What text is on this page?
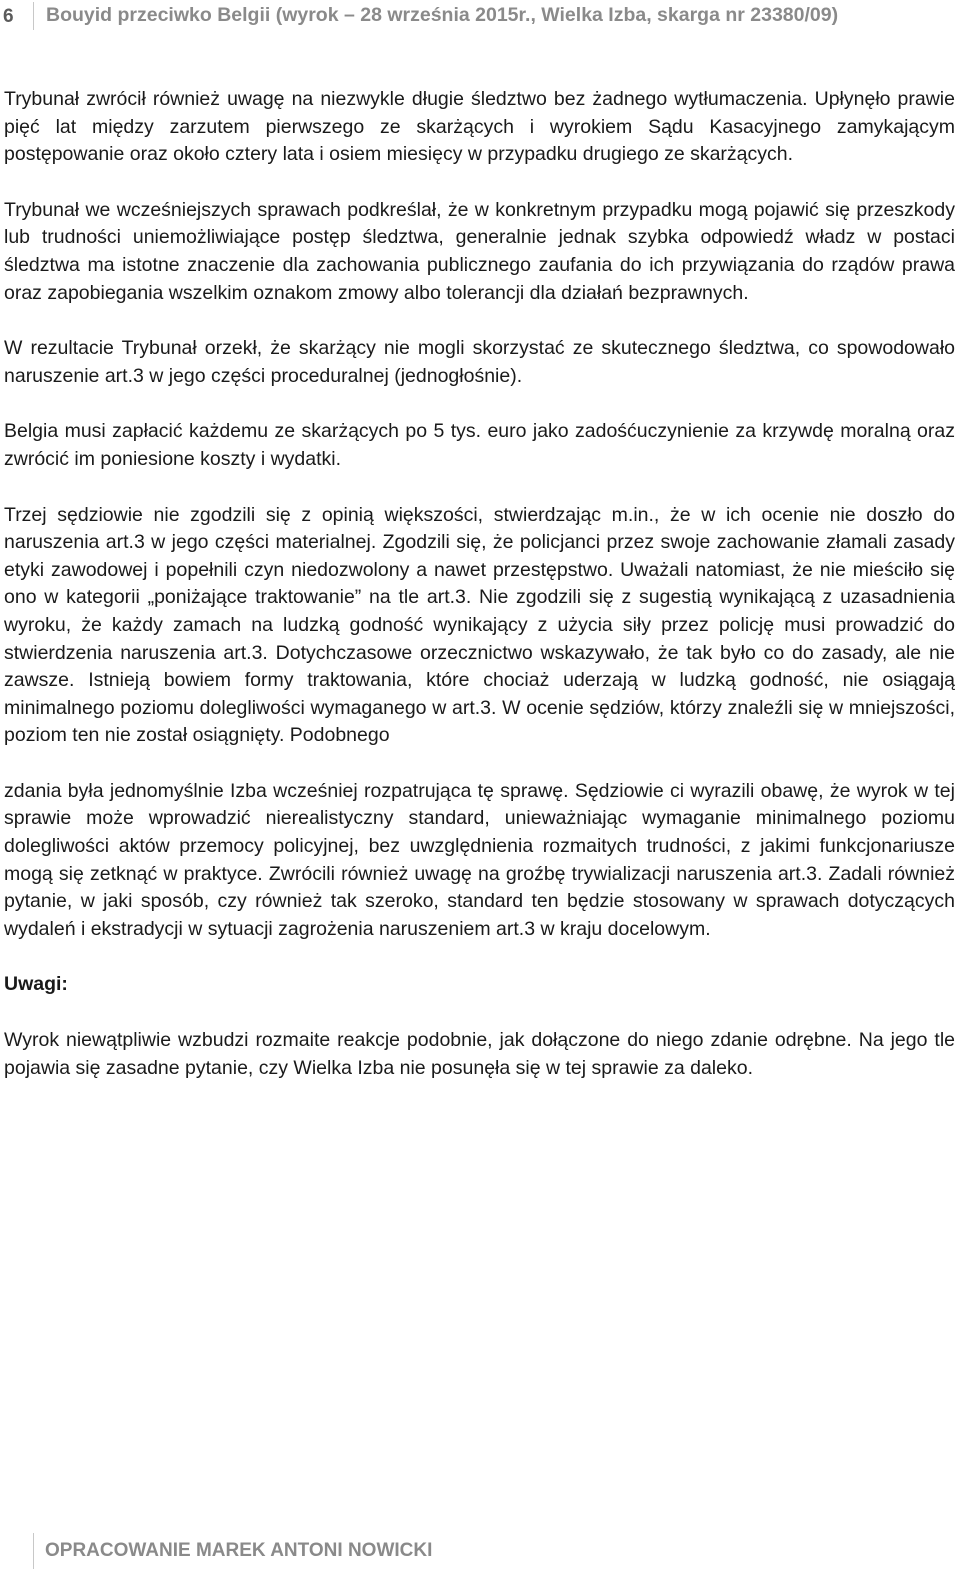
6 Bouyid przeciwko Belgii (wyrok – 28 września 2015r., Wielka Izba, skarga nr 23380/09)

Trybunał zwrócił również uwagę na niezwykle długie śledztwo bez żadnego wytłumaczenia. Upłynęło prawie pięć lat między zarzutem pierwszego ze skarżących i wyrokiem Sądu Kasacyjnego zamykającym postępowanie oraz około cztery lata i osiem miesięcy w przypadku drugiego ze skarżących.

Trybunał we wcześniejszych sprawach podkreślał, że w konkretnym przypadku mogą pojawić się przeszkody lub trudności uniemożliwiające postęp śledztwa, generalnie jednak szybka odpowiedź władz w postaci śledztwa ma istotne znaczenie dla zachowania publicznego zaufania do ich przywiązania do rządów prawa oraz zapobiegania wszelkim oznakom zmowy albo tolerancji dla działań bezprawnych.

W rezultacie Trybunał orzekł, że skarżący nie mogli skorzystać ze skutecznego śledztwa, co spowodowało naruszenie art.3 w jego części proceduralnej (jednogłośnie).

Belgia musi zapłacić każdemu ze skarżących po 5 tys. euro jako zadośćuczynienie za krzywdę moralną oraz zwrócić im poniesione koszty i wydatki.

Trzej sędziowie nie zgodzili się z opinią większości, stwierdzając m.in., że w ich ocenie nie doszło do naruszenia art.3 w jego części materialnej. Zgodzili się, że policjanci przez swoje zachowanie złamali zasady etyki zawodowej i popełnili czyn niedozwolony a nawet przestępstwo. Uważali natomiast, że nie mieściło się ono w kategorii „poniżające traktowanie” na tle art.3. Nie zgodzili się z sugestią wynikającą z uzasadnienia wyroku, że każdy zamach na ludzką godność wynikający z użycia siły przez policję musi prowadzić do stwierdzenia naruszenia art.3. Dotychczasowe orzecznictwo wskazywało, że tak było co do zasady, ale nie zawsze. Istnieją bowiem formy traktowania, które chociaż uderzają w ludzką godność, nie osiągają minimalnego poziomu dolegliwości wymaganego w art.3. W ocenie sędziów, którzy znaleźli się w mniejszości, poziom ten nie został osiągnięty. Podobnego

zdania była jednomyślnie Izba wcześniej rozpatrująca tę sprawę. Sędziowie ci wyrazili obawę, że wyrok w tej sprawie może wprowadzić nierealistyczny standard, unieważniając wymaganie minimalnego poziomu dolegliwości aktów przemocy policyjnej, bez uwzględnienia rozmaitych trudności, z jakimi funkcjonariusze mogą się zetknąć w praktyce. Zwrócili również uwagę na groźbę trywializacji naruszenia art.3. Zadali również pytanie, w jaki sposób, czy również tak szeroko, standard ten będzie stosowany w sprawach dotyczących wydaleń i ekstradycji w sytuacji zagrożenia naruszeniem art.3 w kraju docelowym.

Uwagi:

Wyrok niewątpliwie wzbudzi rozmaite reakcje podobnie, jak dołączone do niego zdanie odrębne. Na jego tle pojawia się zasadne pytanie, czy Wielka Izba nie posunęła się w tej sprawie za daleko.

OPRACOWANIE MAREK ANTONI NOWICKI
